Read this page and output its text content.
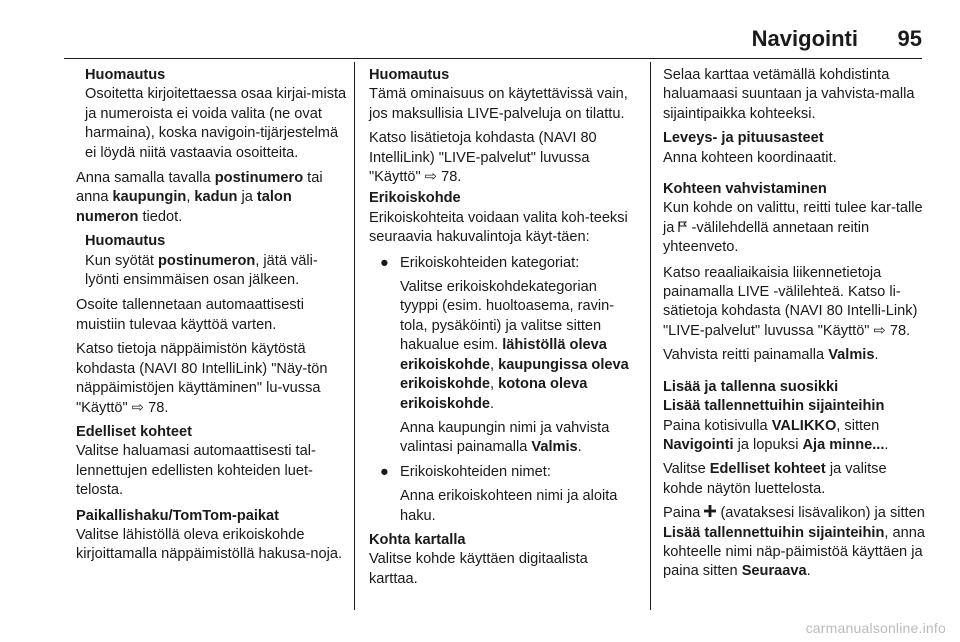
Navigointi 95
Huomautus
Osoitetta kirjoitettaessa osaa kirjai-mista ja numeroista ei voida valita (ne ovat harmaina), koska navigoin-tijärjestelmä ei löydä niitä vastaavia osoitteita.

Anna samalla tavalla postinumero tai anna kaupungin, kadun ja talon numeron tiedot.

Huomautus
Kun syötät postinumeron, jätä väli-lyönti ensimmäisen osan jälkeen.

Osoite tallennetaan automaattisesti muistiin tulevaa käyttöä varten.

Katso tietoja näppäimistön käytöstä kohdasta (NAVI 80 IntelliLink) "Näy-tön näppäimistöjen käyttäminen" lu-vussa "Käyttö" ⇨ 78.

Edelliset kohteet
Valitse haluamasi automaattisesti tal-lennettujen edellisten kohteiden luet-telosta.
Paikallishaku/TomTom-paikat
Valitse lähistöllä oleva erikoiskohde kirjoittamalla näppäimistöllä hakusa-noja.
Huomautus

Tämä ominaisuus on käytettävissä vain, jos maksullisia LIVE-palveluja on tilattu.

Katso lisätietoja kohdasta (NAVI 80 IntelliLink) "LIVE-palvelut" luvussa "Käyttö" ⇨ 78.

Erikoiskohde
Erikoiskohteita voidaan valita koh-teeksi seuraavia hakuvalintoja käyt-täen:
● Erikoiskohteiden kategoriat:

Valitse erikoiskohdekategorian tyyppi (esim. huoltoasema, ravin-tola, pysäköinti) ja valitse sitten hakualue esim. lähistöllä oleva erikoiskohde, kaupungissa oleva erikoiskohde, kotona oleva erikoiskohde.

Anna kaupungin nimi ja vahvista valintasi painamalla Valmis.

● Erikoiskohteiden nimet:

Anna erikoiskohteen nimi ja aloita haku.

Kohta kartalla
Valitse kohde käyttäen digitaalista karttaa.

Selaa karttaa vetämällä kohdistinta haluamaasi suuntaan ja vahvista-malla sijaintipaikka kohteeksi.

Leveys- ja pituusasteet
Anna kohteen koordinaatit.
Kohteen vahvistaminen
Kun kohde on valittu, reitti tulee kar-talle ja  -välilehdellä annetaan reitin yhteenveto.

Katso reaaliaikaisia liikennetietoja painamalla LIVE -välilehteä. Katso li-sätietoja kohdasta (NAVI 80 Intelli-Link) "LIVE-palvelut" luvussa "Käyttö" ⇨ 78.

Vahvista reitti painamalla Valmis.

Lisää ja tallenna suosikki
Lisää tallennettuihin sijainteihin

Paina kotisivulla VALIKKO, sitten Navigointi ja lopuksi Aja minne....

Valitse Edelliset kohteet ja valitse kohde näytön luettelosta.

Paina  (avataksesi lisävalikon) ja sitten Lisää tallennettuihin sijainteihin, anna kohteelle nimi näp-päimistöä käyttäen ja paina sitten Seuraava.

carmanualsonline.info
